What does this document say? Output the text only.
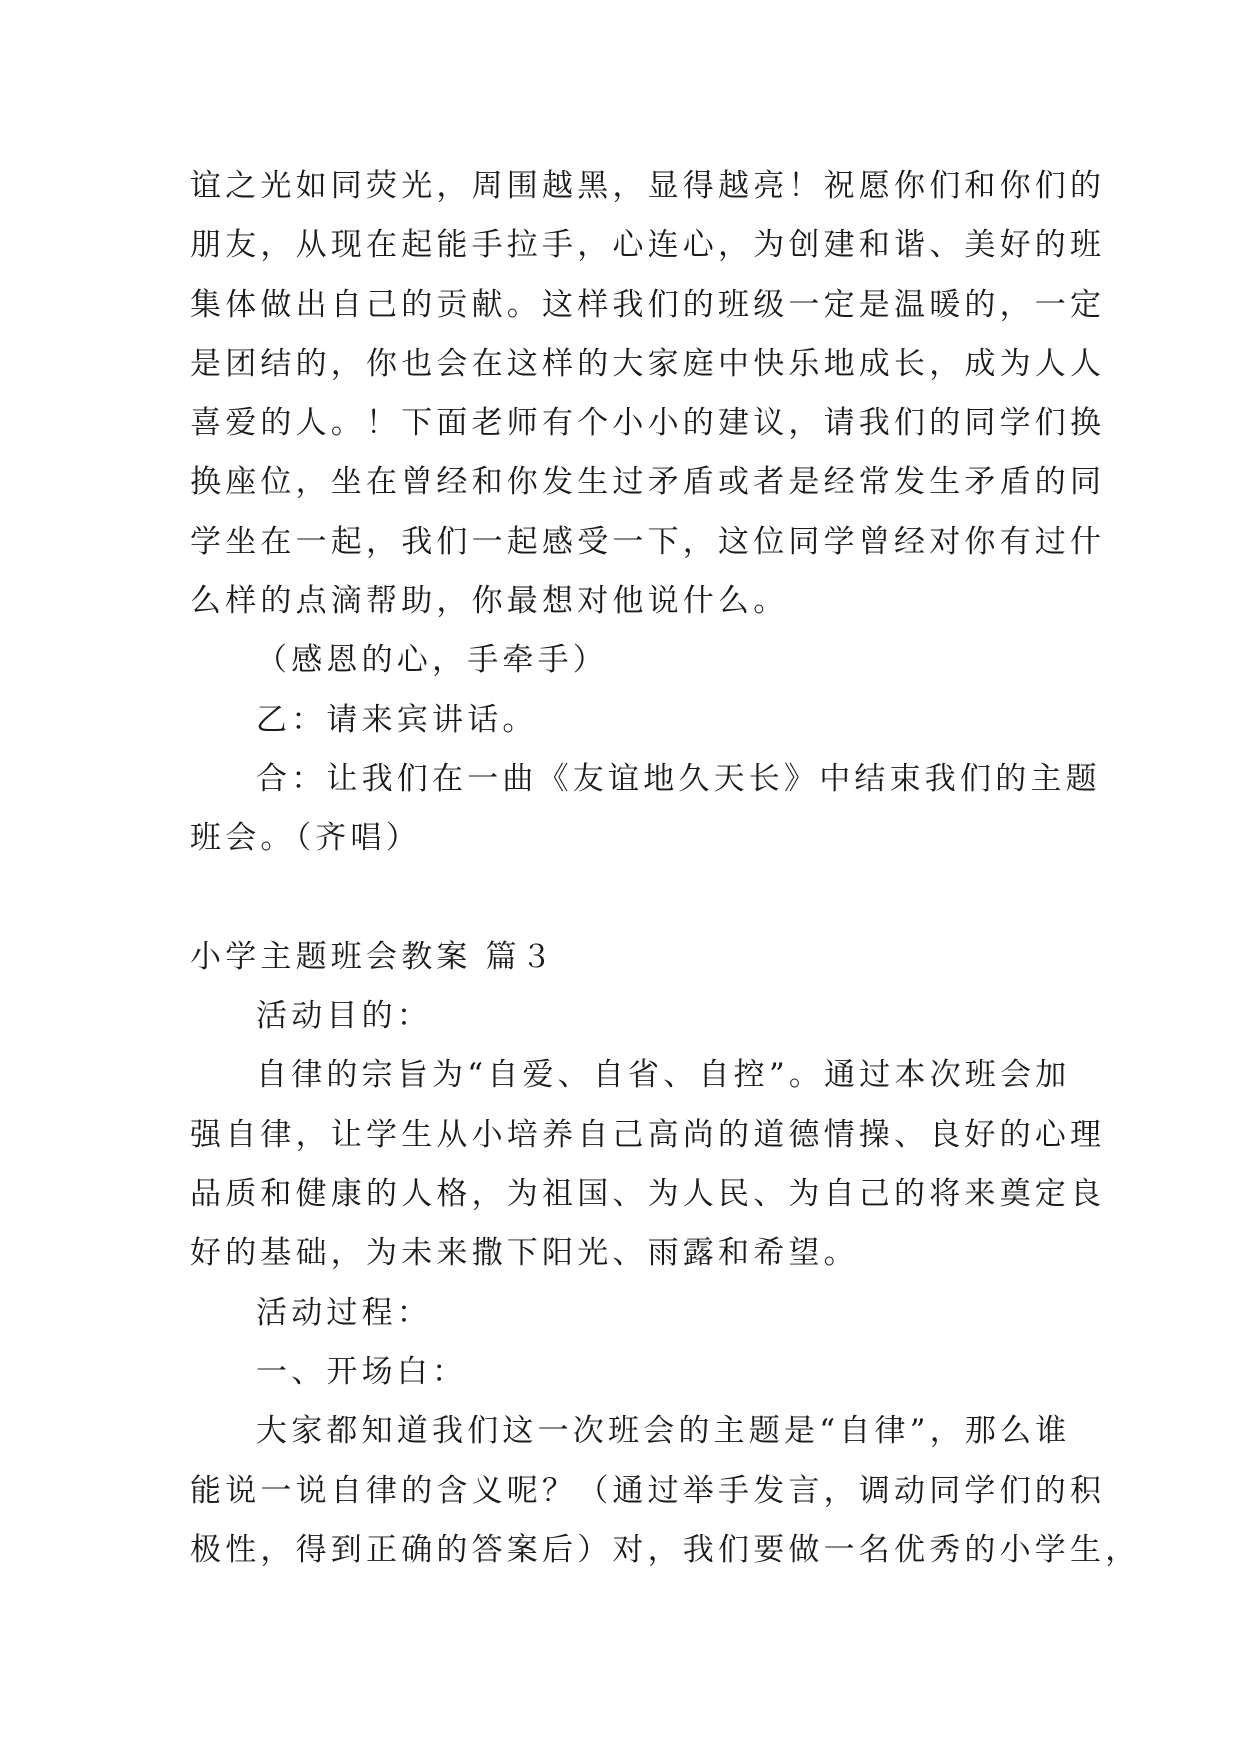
谊之光如同荧光，周围越黑，显得越亮！祝愿你们和你们的
朋友，从现在起能手拉手，心连心，为创建和谐、美好的班
集体做出自己的贡献。这样我们的班级一定是温暖的，一定
是团结的，你也会在这样的大家庭中快乐地成长，成为人人
喜爱的人。！下面老师有个小小的建议，请我们的同学们换
换座位，坐在曾经和你发生过矛盾或者是经常发生矛盾的同
学坐在一起，我们一起感受一下，这位同学曾经对你有过什
么样的点滴帮助，你最想对他说什么。
（感恩的心，手牵手）
乙：请来宾讲话。
合：让我们在一曲《友谊地久天长》中结束我们的主题
班会。（齐唱）
小学主题班会教案 篇３
活动目的：
自律的宗旨为“自爱、自省、自控”。通过本次班会加
强自律，让学生从小培养自己高尚的道德情操、良好的心理
品质和健康的人格，为祖国、为人民、为自己的将来奠定良
好的基础，为未来撒下阳光、雨露和希望。
活动过程：
一、开场白：
大家都知道我们这一次班会的主题是“自律”，那么谁
能说一说自律的含义呢？（通过举手发言，调动同学们的积
极性，得到正确的答案后）对，我们要做一名优秀的小学生，
